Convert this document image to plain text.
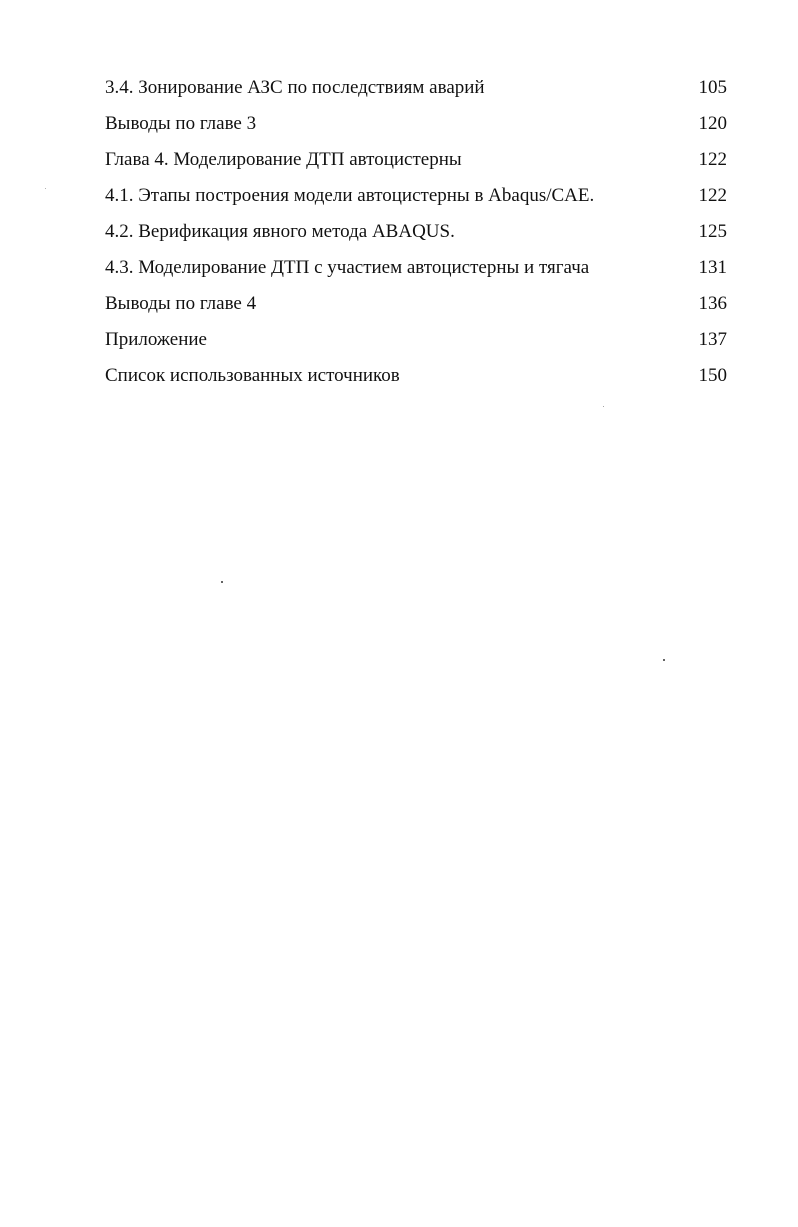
3.4. Зонирование АЗС по последствиям аварий	105
Выводы по главе 3	120
Глава 4. Моделирование ДТП автоцистерны	122
4.1. Этапы построения модели автоцистерны в Abaqus/CAE.	122
4.2. Верификация явного метода ABAQUS.	125
4.3. Моделирование ДТП с участием автоцистерны и тягача	131
Выводы по главе 4	136
Приложение	137
Список использованных источников	150
